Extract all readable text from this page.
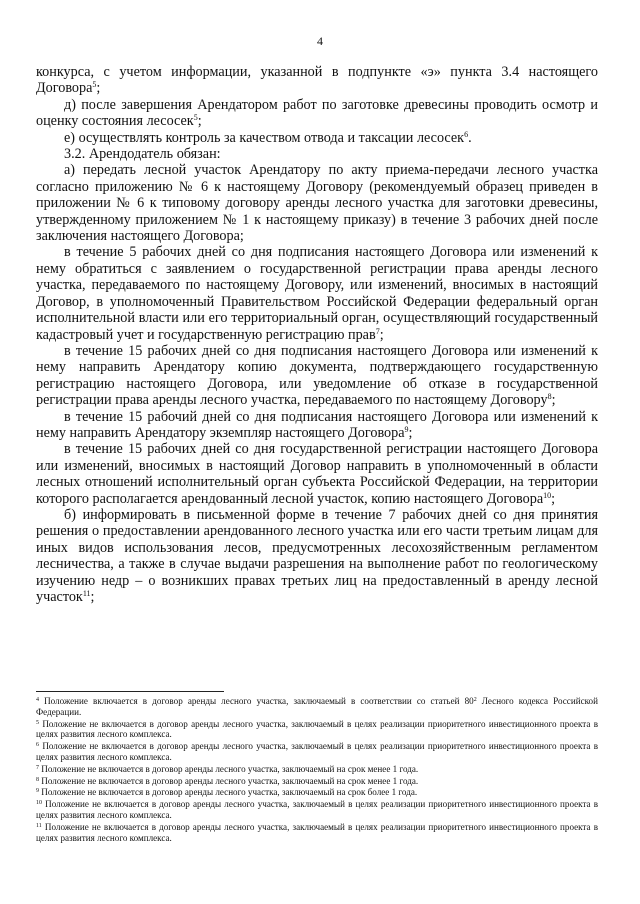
4

конкурса, с учетом информации, указанной в подпункте «э» пункта 3.4 настоящего Договора$^5$;

д) после завершения Арендатором работ по заготовке древесины проводить осмотр и оценку состояния лесосек$^5$;

е) осуществлять контроль за качеством отвода и таксации лесосек$^6$.

3.2. Арендодатель обязан:

а) передать лесной участок Арендатору по акту приема-передачи лесного участка согласно приложению № 6 к настоящему Договору (рекомендуемый образец приведен в приложении № 6 к типовому договору аренды лесного участка для заготовки древесины, утвержденному приложением № 1 к настоящему приказу) в течение 3 рабочих дней после заключения настоящего Договора;

в течение 5 рабочих дней со дня подписания настоящего Договора или изменений к нему обратиться с заявлением о государственной регистрации права аренды лесного участка, передаваемого по настоящему Договору, или изменений, вносимых в настоящий Договор, в уполномоченный Правительством Российской Федерации федеральный орган исполнительной власти или его территориальный орган, осуществляющий государственный кадастровый учет и государственную регистрацию прав$^7$;

в течение 15 рабочих дней со дня подписания настоящего Договора или изменений к нему направить Арендатору копию документа, подтверждающего государственную регистрацию настоящего Договора, или уведомление об отказе в государственной регистрации права аренды лесного участка, передаваемого по настоящему Договору$^8$;

в течение 15 рабочий дней со дня подписания настоящего Договора или изменений к нему направить Арендатору экземпляр настоящего Договора$^9$;

в течение 15 рабочих дней со дня государственной регистрации настоящего Договора или изменений, вносимых в настоящий Договор направить в уполномоченный в области лесных отношений исполнительный орган субъекта Российской Федерации, на территории которого располагается арендованный лесной участок, копию настоящего Договора$^{10}$;

б) информировать в письменной форме в течение 7 рабочих дней со дня принятия решения о предоставлении арендованного лесного участка или его части третьим лицам для иных видов использования лесов, предусмотренных лесохозяйственным регламентом лесничества, а также в случае выдачи разрешения на выполнение работ по геологическому изучению недр – о возникших правах третьих лиц на предоставленный в аренду лесной участок$^{11}$;

$^4$ Положение включается в договор аренды лесного участка, заключаемый в соответствии со статьей $80^2$ Лесного кодекса Российской Федерации.

$^5$ Положение не включается в договор аренды лесного участка, заключаемый в целях реализации приоритетного инвестиционного проекта в целях развития лесного комплекса.

$^6$ Положение не включается в договор аренды лесного участка, заключаемый в целях реализации приоритетного инвестиционного проекта в целях развития лесного комплекса.

$^7$ Положение не включается в договор аренды лесного участка, заключаемый на срок менее 1 года.

$^8$ Положение не включается в договор аренды лесного участка, заключаемый на срок менее 1 года.

$^9$ Положение не включается в договор аренды лесного участка, заключаемый на срок более 1 года.

$^{10}$ Положение не включается в договор аренды лесного участка, заключаемый в целях реализации приоритетного инвестиционного проекта в целях развития лесного комплекса.

$^{11}$ Положение не включается в договор аренды лесного участка, заключаемый в целях реализации приоритетного инвестиционного проекта в целях развития лесного комплекса.
